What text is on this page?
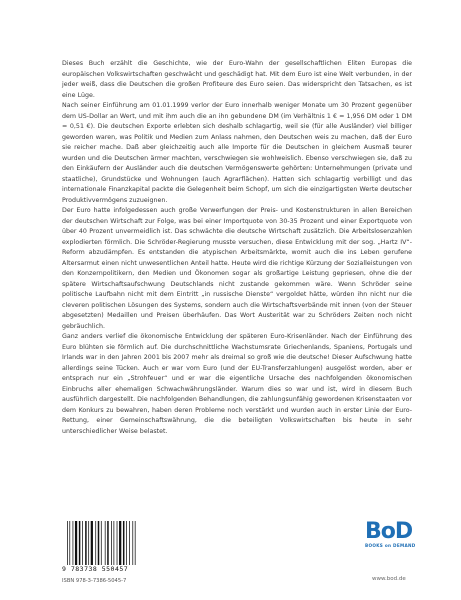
Dieses Buch erzählt die Geschichte, wie der Euro-Wahn der gesellschaftlichen Eliten Europas die europäischen Volkswirtschaften geschwächt und geschädigt hat. Mit dem Euro ist eine Welt verbunden, in der jeder weiß, dass die Deutschen die großen Profiteure des Euro seien. Das widerspricht den Tatsachen, es ist eine Lüge.

Nach seiner Einführung am 01.01.1999 verlor der Euro innerhalb weniger Monate um 30 Prozent gegenüber dem US-Dollar an Wert, und mit ihm auch die an ihn gebundene DM (im Verhältnis 1 € = 1,956 DM oder 1 DM = 0,51 €). Die deutschen Exporte erlebten sich deshalb schlagartig, weil sie (für alle Ausländer) viel billiger geworden waren, was Politik und Medien zum Anlass nahmen, den Deutschen weis zu machen, daß der Euro sie reicher mache. Daß aber gleichzeitig auch alle Importe für die Deutschen in gleichem Ausmaß teurer wurden und die Deutschen ärmer machten, verschwiegen sie wohlweislich. Ebenso verschwiegen sie, daß zu den Einkäufern der Ausländer auch die deutschen Vermögenswerte gehörten: Unternehmungen (private und staatliche), Grundstücke und Wohnungen (auch Agrarflächen). Hatten sich schlagartig verbilligt und das internationale Finanzkapital packte die Gelegenheit beim Schopf, um sich die einzigartigsten Werte deutscher Produktivvermögens zuzueignen.

Der Euro hatte infolgedessen auch große Verwerfungen der Preis- und Kostenstrukturen in allen Bereichen der deutschen Wirtschaft zur Folge, was bei einer Importquote von 30-35 Prozent und einer Exportquote von über 40 Prozent unvermeidlich ist. Das schwächte die deutsche Wirtschaft zusätzlich. Die Arbeitslosenzahlen explodierten förmlich. Die Schröder-Regierung musste versuchen, diese Entwicklung mit der sog. „Hartz IV“-Reform abzudämpfen. Es entstanden die atypischen Arbeitsmärkte, womit auch die ins Leben gerufene Altersarmut einen nicht unwesentlichen Anteil hatte. Heute wird die richtige Kürzung der Sozialleistungen von den Konzernpolitikern, den Medien und Ökonomen sogar als großartige Leistung gepriesen, ohne die der spätere Wirtschaftsaufschwung Deutschlands nicht zustande gekommen wäre. Wenn Schröder seine politische Laufbahn nicht mit dem Eintritt „in russische Dienste“ vergoldet hätte, würden ihn nicht nur die cleveren politischen Lösungen des Systems, sondern auch die Wirtschaftsverbände mit innen (von der Steuer abgesetzten) Medaillen und Preisen überhäufen. Das Wort Austerität war zu Schröders Zeiten noch nicht gebräuchlich.

Ganz anders verlief die ökonomische Entwicklung der späteren Euro-Krisenländer. Nach der Einführung des Euro blühten sie förmlich auf. Die durchschnittliche Wachstumsrate Griechenlands, Spaniens, Portugals und Irlands war in den Jahren 2001 bis 2007 mehr als dreimal so groß wie die deutsche! Dieser Aufschwung hatte allerdings seine Tücken. Auch er war vom Euro (und der EU-Transferzahlungen) ausgelöst worden, aber er entsprach nur ein „Strohfeuer“ und er war die eigentliche Ursache des nachfolgenden ökonomischen Einbruchs aller ehemaligen Schwachwährungsländer. Warum dies so war und ist, wird in diesem Buch ausführlich dargestellt. Die nachfolgenden Behandlungen, die zahlungsunfähig gewordenen Krisenstaaten vor dem Konkurs zu bewahren, haben deren Probleme noch verstärkt und wurden auch in erster Linie der Euro-Rettung, einer Gemeinschaftswährung, die die beteiligten Volkswirtschaften bis heute in sehr unterschiedlicher Weise belastet.

9 783738 550457
ISBN 978-3-7386-5045-7
BoD
BOOKS on DEMAND
www.bod.de
